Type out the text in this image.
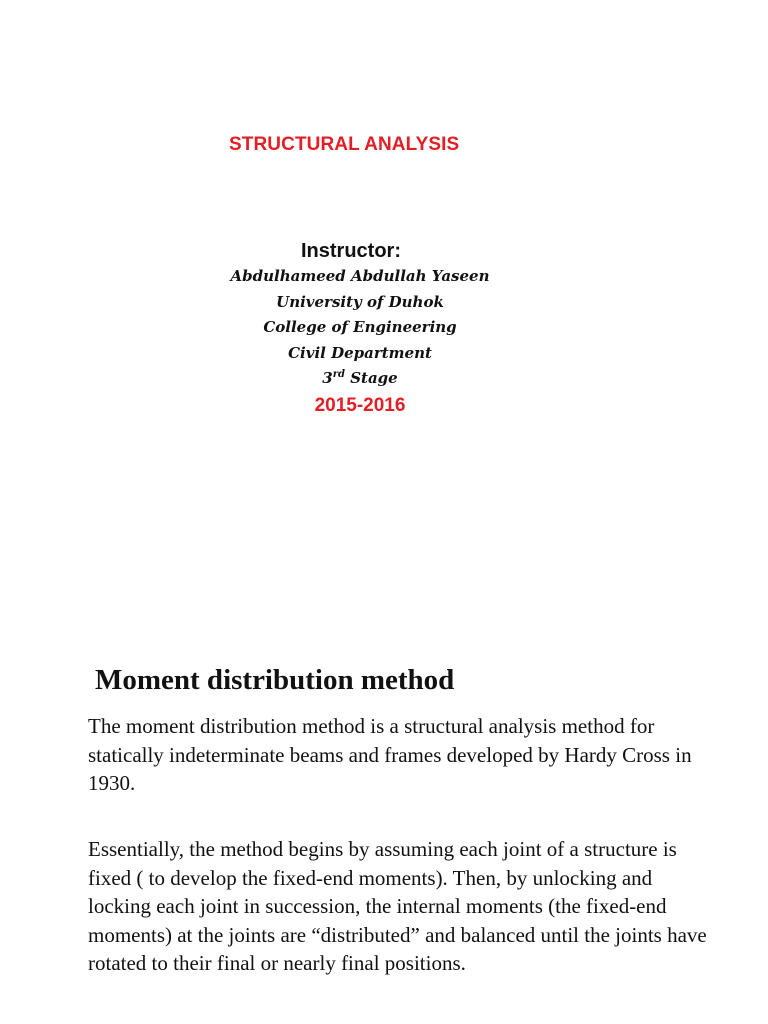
STRUCTURAL ANALYSIS
Instructor:
Abdulhameed Abdullah Yaseen
University of Duhok
College of Engineering
Civil Department
3rd Stage
2015-2016
Moment distribution method

The moment distribution method is a structural analysis method for statically indeterminate beams and frames developed by Hardy Cross in 1930.

Essentially, the method begins by assuming each joint of a structure is fixed ( to develop the fixed-end moments). Then, by unlocking and locking each joint in succession, the internal moments (the fixed-end moments) at the joints are “distributed” and balanced until the joints have rotated to their final or nearly final positions.
